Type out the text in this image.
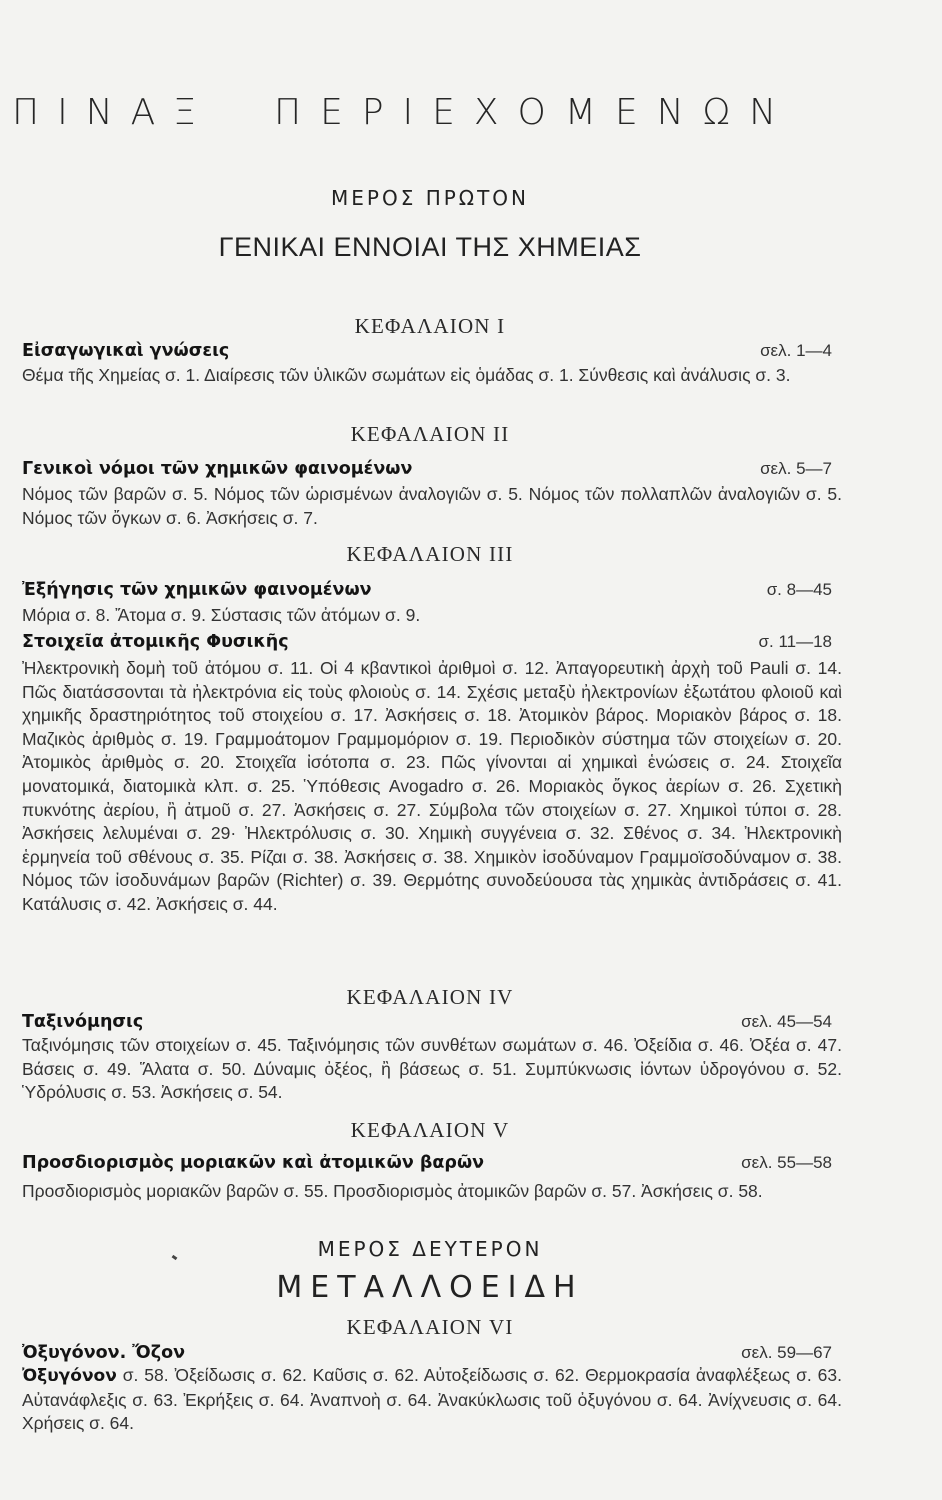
ΠΙΝΑΞ ΠΕΡΙΕΧΟΜΕΝΩΝ
ΜΕΡΟΣ ΠΡΩΤΟΝ
ΓΕΝΙΚΑΙ ΕΝΝΟΙΑΙ ΤΗΣ ΧΗΜΕΙΑΣ
ΚΕΦΑΛΑΙΟΝ I
Εἰσαγωγικαὶ γνώσεις	σελ. 1—4
Θέμα τῆς Χημείας σ. 1. Διαίρεσις τῶν ὑλικῶν σωμάτων εἰς ὁμάδας σ. 1. Σύνθεσις καὶ ἀνάλυσις σ. 3.
ΚΕΦΑΛΑΙΟΝ II
Γενικοὶ νόμοι τῶν χημικῶν φαινομένων	σελ. 5—7
Νόμος τῶν βαρῶν σ. 5. Νόμος τῶν ὡρισμένων ἀναλογιῶν σ. 5. Νόμος τῶν πολλαπλῶν ἀναλογιῶν σ. 5. Νόμος τῶν ὄγκων σ. 6. Ἀσκήσεις σ. 7.
ΚΕΦΑΛΑΙΟΝ III
Ἐξήγησις τῶν χημικῶν φαινομένων	σ. 8—45
Μόρια σ. 8. Ἄτομα σ. 9. Σύστασις τῶν ἀτόμων σ. 9.
Στοιχεῖα ἀτομικῆς Φυσικῆς	σ. 11—18
Ἠλεκτρονικὴ δομὴ τοῦ ἀτόμου σ. 11. Οἱ 4 κβαντικοὶ ἀριθμοὶ σ. 12. Ἀπαγορευτικὴ ἀρχὴ τοῦ Pauli σ. 14. Πῶς διατάσσονται τὰ ἠλεκτρόνια εἰς τοὺς φλοιοὺς σ. 14. Σχέσις μεταξὺ ἠλεκτρονίων ἐξωτάτου φλοιοῦ καὶ χημικῆς δραστηριότητος τοῦ στοιχείου σ. 17. Ἀσκήσεις σ. 18. Ἀτομικὸν βάρος. Μοριακὸν βάρος σ. 18. Μαζικὸς ἀριθμὸς σ. 19. Γραμμοάτομον Γραμμομόριον σ. 19. Περιοδικὸν σύστημα τῶν στοιχείων σ. 20. Ἀτομικὸς ἀριθμὸς σ. 20. Στοιχεῖα ἰσότοπα σ. 23. Πῶς γίνονται αἱ χημικαὶ ἑνώσεις σ. 24. Στοιχεῖα μονατομικά, διατομικὰ κλπ. σ. 25. Ὑπόθεσις Avogadro σ. 26. Μοριακὸς ὄγκος ἀερίων σ. 26. Σχετικὴ πυκνότης ἀερίου, ἢ ἀτμοῦ σ. 27. Ἀσκήσεις σ. 27. Σύμβολα τῶν στοιχείων σ. 27. Χημικοὶ τύποι σ. 28. Ἀσκήσεις λελυμέναι σ. 29· Ἠλεκτρόλυσις σ. 30. Χημικὴ συγγένεια σ. 32. Σθένος σ. 34. Ἠλεκτρονικὴ ἑρμηνεία τοῦ σθένους σ. 35. Ρίζαι σ. 38. Ἀσκήσεις σ. 38. Χημικὸν ἰσοδύναμον Γραμμοϊσοδύναμον σ. 38. Νόμος τῶν ἰσοδυνάμων βαρῶν (Richter) σ. 39. Θερμότης συνοδεύουσα τὰς χημικὰς ἀντιδράσεις σ. 41. Κατάλυσις σ. 42. Ἀσκήσεις σ. 44.
ΚΕΦΑΛΑΙΟΝ IV
Ταξινόμησις	σελ. 45—54
Ταξινόμησις τῶν στοιχείων σ. 45. Ταξινόμησις τῶν συνθέτων σωμάτων σ. 46. Ὀξείδια σ. 46. Ὀξέα σ. 47. Βάσεις σ. 49. Ἅλατα σ. 50. Δύναμις ὀξέος, ἢ βάσεως σ. 51. Συμπύκνωσις ἰόντων ὑδρογόνου σ. 52. Ὑδρόλυσις σ. 53. Ἀσκήσεις σ. 54.
ΚΕΦΑΛΑΙΟΝ V
Προσδιορισμὸς μοριακῶν καὶ ἀτομικῶν βαρῶν	σελ. 55—58
Προσδιορισμὸς μοριακῶν βαρῶν σ. 55. Προσδιορισμὸς ἀτομικῶν βαρῶν σ. 57. Ἀσκήσεις σ. 58.
ΜΕΡΟΣ ΔΕΥΤΕΡΟΝ
ΜΕΤΑΛΛΟΕΙΔΗ
ΚΕΦΑΛΑΙΟΝ VI
Ὀξυγόνον. Ὄζον	σελ. 59—67
Ὀξυγόνον σ. 58. Ὀξείδωσις σ. 62. Καῦσις σ. 62. Αὐτοξείδωσις σ. 62. Θερμοκρασία ἀναφλέξεως σ. 63. Αὐτανάφλεξις σ. 63. Ἐκρήξεις σ. 64. Ἀναπνοὴ σ. 64. Ἀνακύκλωσις τοῦ ὀξυγόνου σ. 64. Ἀνίχνευσις σ. 64. Χρήσεις σ. 64.
